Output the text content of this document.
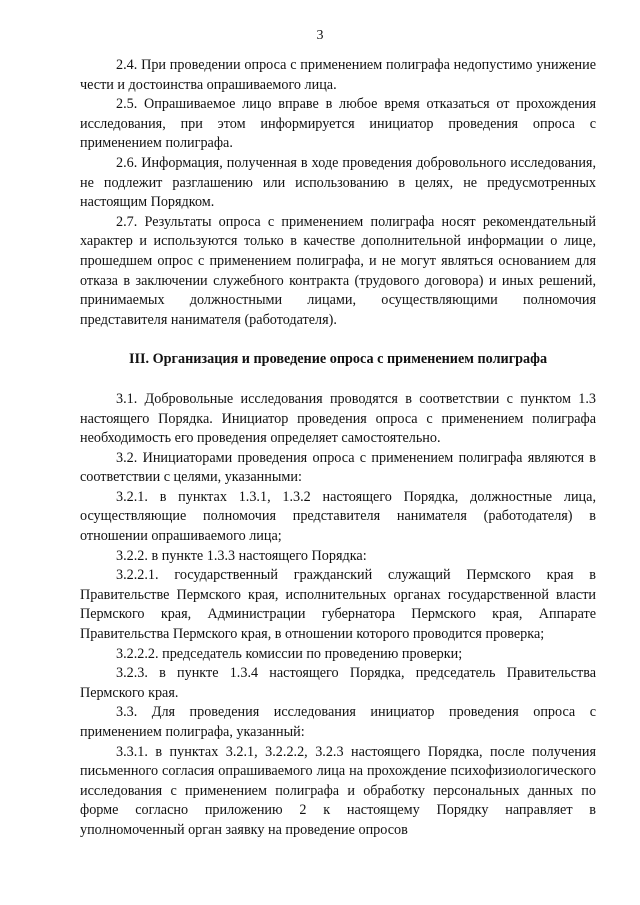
3

2.4. При проведении опроса с применением полиграфа недопустимо унижение чести и достоинства опрашиваемого лица.

2.5. Опрашиваемое лицо вправе в любое время отказаться от прохождения исследования, при этом информируется инициатор проведения опроса с применением полиграфа.

2.6. Информация, полученная в ходе проведения добровольного исследования, не подлежит разглашению или использованию в целях, не предусмотренных настоящим Порядком.

2.7. Результаты опроса с применением полиграфа носят рекомендательный характер и используются только в качестве дополнительной информации о лице, прошедшем опрос с применением полиграфа, и не могут являться основанием для отказа в заключении служебного контракта (трудового договора) и иных решений, принимаемых должностными лицами, осуществляющими полномочия представителя нанимателя (работодателя).

III. Организация и проведение опроса с применением полиграфа

3.1. Добровольные исследования проводятся в соответствии с пунктом 1.3 настоящего Порядка. Инициатор проведения опроса с применением полиграфа необходимость его проведения определяет самостоятельно.

3.2. Инициаторами проведения опроса с применением полиграфа являются в соответствии с целями, указанными:

3.2.1. в пунктах 1.3.1, 1.3.2 настоящего Порядка, должностные лица, осуществляющие полномочия представителя нанимателя (работодателя) в отношении опрашиваемого лица;

3.2.2. в пункте 1.3.3 настоящего Порядка:

3.2.2.1. государственный гражданский служащий Пермского края в Правительстве Пермского края, исполнительных органах государственной власти Пермского края, Администрации губернатора Пермского края, Аппарате Правительства Пермского края, в отношении которого проводится проверка;

3.2.2.2. председатель комиссии по проведению проверки;

3.2.3. в пункте 1.3.4 настоящего Порядка, председатель Правительства Пермского края.

3.3. Для проведения исследования инициатор проведения опроса с применением полиграфа, указанный:

3.3.1. в пунктах 3.2.1, 3.2.2.2, 3.2.3 настоящего Порядка, после получения письменного согласия опрашиваемого лица на прохождение психофизиологического исследования с применением полиграфа и обработку персональных данных по форме согласно приложению 2 к настоящему Порядку направляет в уполномоченный орган заявку на проведение опросов
